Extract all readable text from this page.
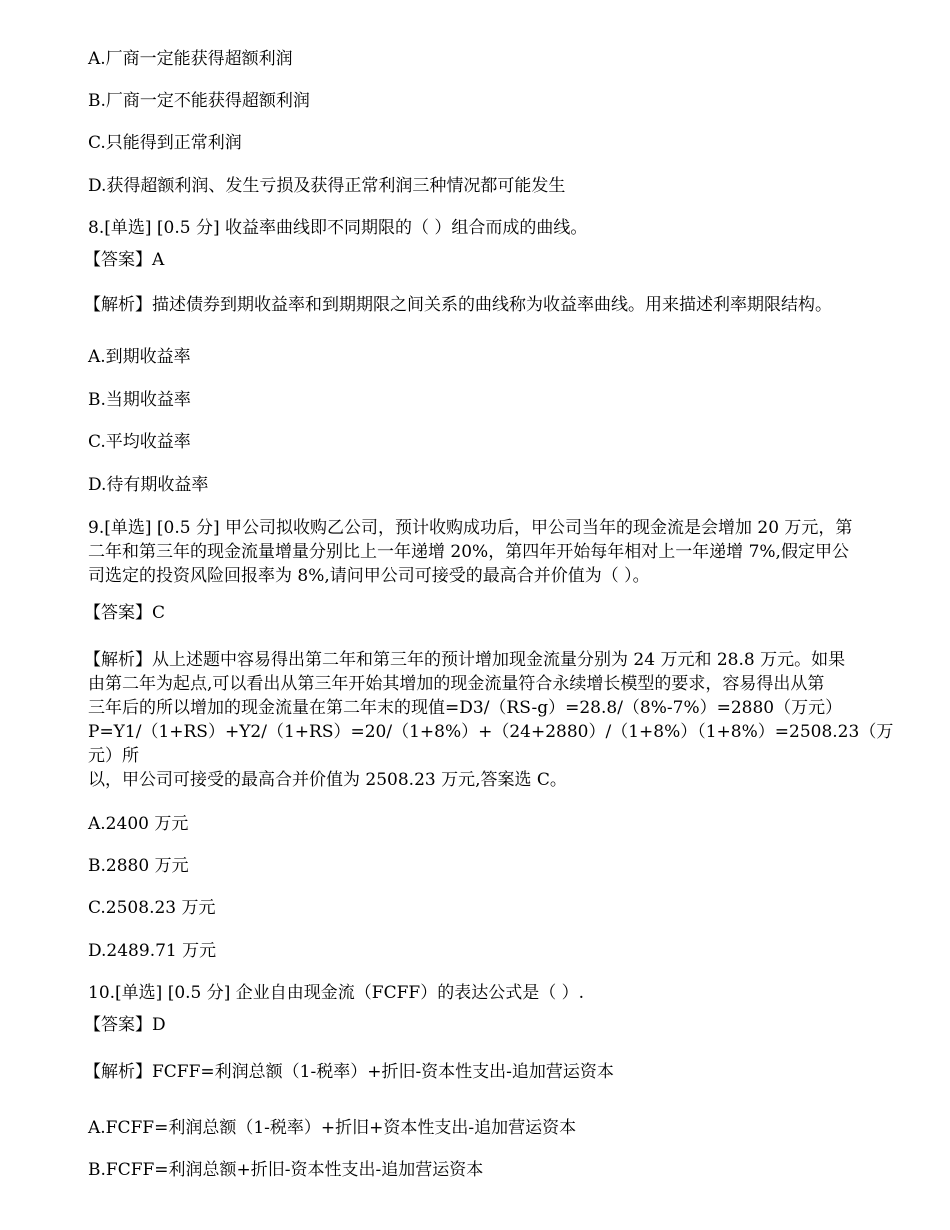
A.厂商一定能获得超额利润
B.厂商一定不能获得超额利润
C.只能得到正常利润
D.获得超额利润、发生亏损及获得正常利润三种情况都可能发生
8.[单选] [0.5 分] 收益率曲线即不同期限的（ ）组合而成的曲线。
【答案】A
【解析】描述债券到期收益率和到期期限之间关系的曲线称为收益率曲线。用来描述利率期限结构。
A.到期收益率
B.当期收益率
C.平均收益率
D.待有期收益率
9.[单选] [0.5 分] 甲公司拟收购乙公司，预计收购成功后，甲公司当年的现金流是会增加 20 万元，第
二年和第三年的现金流量增量分别比上一年递增 20%，第四年开始每年相对上一年递增 7%,假定甲公
司选定的投资风险回报率为 8%,请问甲公司可接受的最高合并价值为（ ）。
【答案】C
【解析】从上述题中容易得出第二年和第三年的预计增加现金流量分别为 24 万元和 28.8 万元。如果
由第二年为起点,可以看出从第三年开始其增加的现金流量符合永续增长模型的要求，容易得出从第
三年后的所以增加的现金流量在第二年末的现值=D3/（RS-g）=28.8/（8%-7%）=2880（万元）
P=Y1/（1+RS）+Y2/（1+RS）=20/（1+8%）+（24+2880）/（1+8%）（1+8%）=2508.23（万元）所
以，甲公司可接受的最高合并价值为 2508.23 万元,答案选 C。
A.2400 万元
B.2880 万元
C.2508.23 万元
D.2489.71 万元
10.[单选] [0.5 分] 企业自由现金流（FCFF）的表达公式是（ ）.
【答案】D
【解析】FCFF=利润总额（1-税率）+折旧-资本性支出-追加营运资本
A.FCFF=利润总额（1-税率）+折旧+资本性支出-追加营运资本
B.FCFF=利润总额+折旧-资本性支出-追加营运资本
